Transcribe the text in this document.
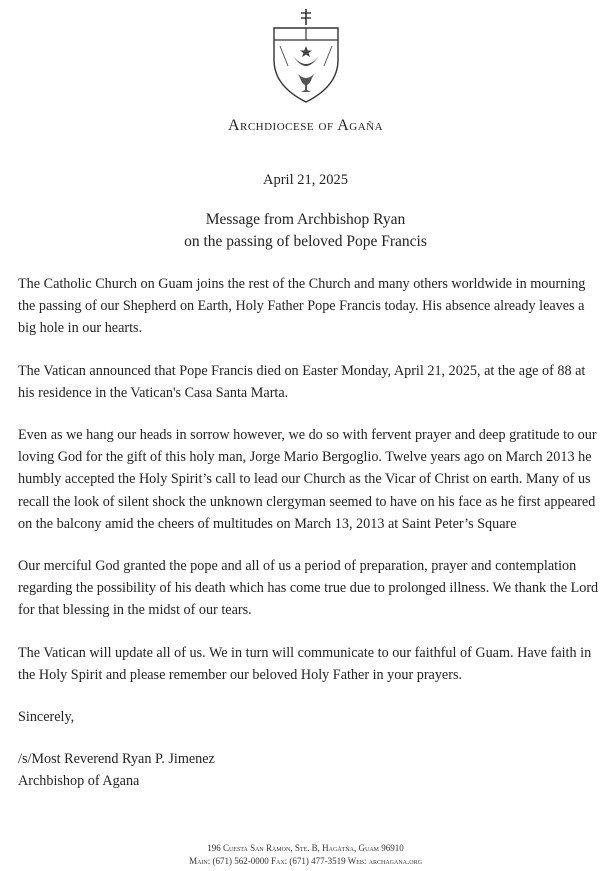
Archdiocese of Agaña
April 21, 2025
Message from Archbishop Ryan
on the passing of beloved Pope Francis

The Catholic Church on Guam joins the rest of the Church and many others worldwide in mourning the passing of our Shepherd on Earth, Holy Father Pope Francis today. His absence already leaves a big hole in our hearts.

The Vatican announced that Pope Francis died on Easter Monday, April 21, 2025, at the age of 88 at his residence in the Vatican's Casa Santa Marta.

Even as we hang our heads in sorrow however, we do so with fervent prayer and deep gratitude to our loving God for the gift of this holy man, Jorge Mario Bergoglio. Twelve years ago on March 2013 he humbly accepted the Holy Spirit’s call to lead our Church as the Vicar of Christ on earth. Many of us recall the look of silent shock the unknown clergyman seemed to have on his face as he first appeared on the balcony amid the cheers of multitudes on March 13, 2013 at Saint Peter’s Square

Our merciful God granted the pope and all of us a period of preparation, prayer and contemplation regarding the possibility of his death which has come true due to prolonged illness. We thank the Lord for that blessing in the midst of our tears.

The Vatican will update all of us. We in turn will communicate to our faithful of Guam. Have faith in the Holy Spirit and please remember our beloved Holy Father in your prayers.

Sincerely,

/s/Most Reverend Ryan P. Jimenez
Archbishop of Agana
196 Cuesta San Ramon, Ste. B, Hagåtña, Guam 96910
Main: (671) 562-0000 Fax: (671) 477-3519 Web: archagana.org
